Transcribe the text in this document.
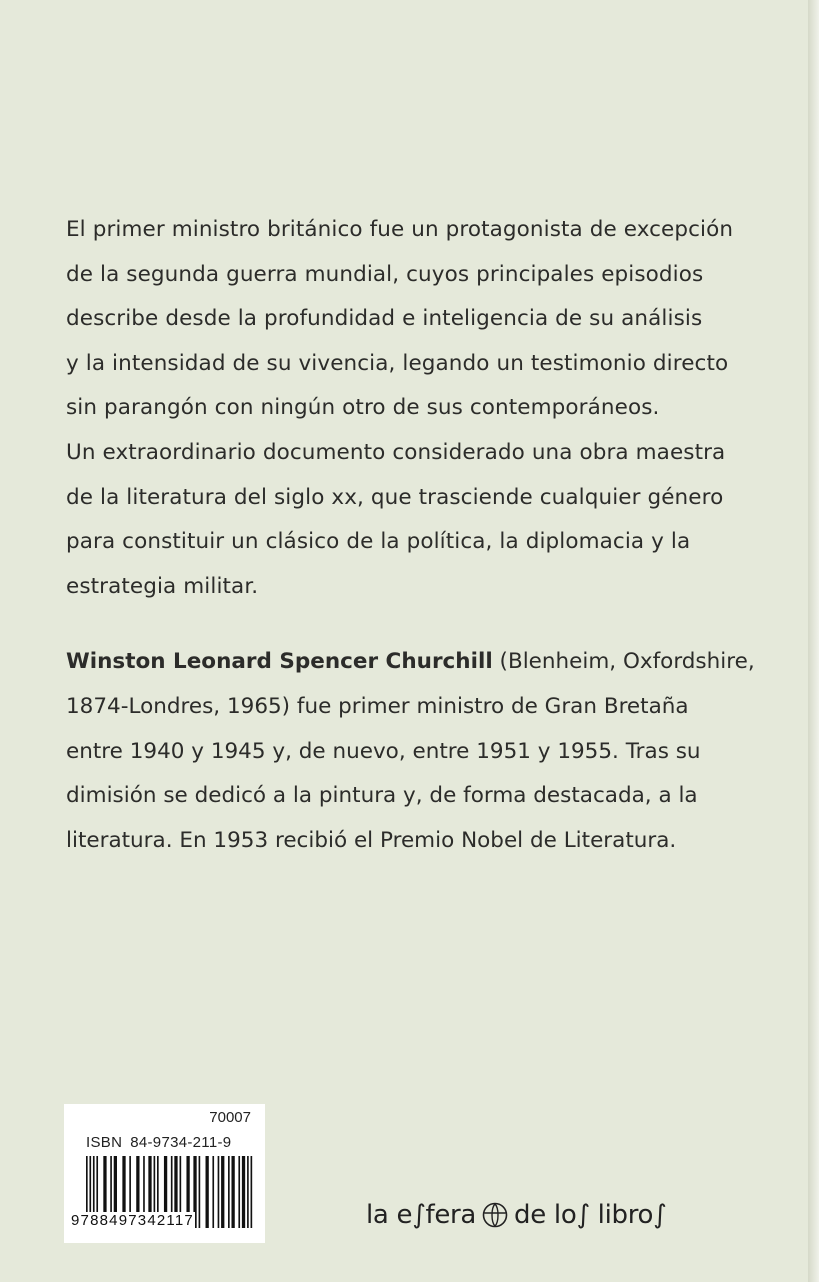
El primer ministro británico fue un protagonista de excepción
de la segunda guerra mundial, cuyos principales episodios
describe desde la profundidad e inteligencia de su análisis
y la intensidad de su vivencia, legando un testimonio directo
sin parangón con ningún otro de sus contemporáneos.
Un extraordinario documento considerado una obra maestra
de la literatura del siglo xx, que trasciende cualquier género
para constituir un clásico de la política, la diplomacia y la
estrategia militar.
Winston Leonard Spencer Churchill (Blenheim, Oxfordshire,
1874-Londres, 1965) fue primer ministro de Gran Bretaña
entre 1940 y 1945 y, de nuevo, entre 1951 y 1955. Tras su
dimisión se dedicó a la pintura y, de forma destacada, a la
literatura. En 1953 recibió el Premio Nobel de Literatura.
70007
ISBN 84-9734-211-9
9788497342117	la e∫fera de lo∫ libro∫
